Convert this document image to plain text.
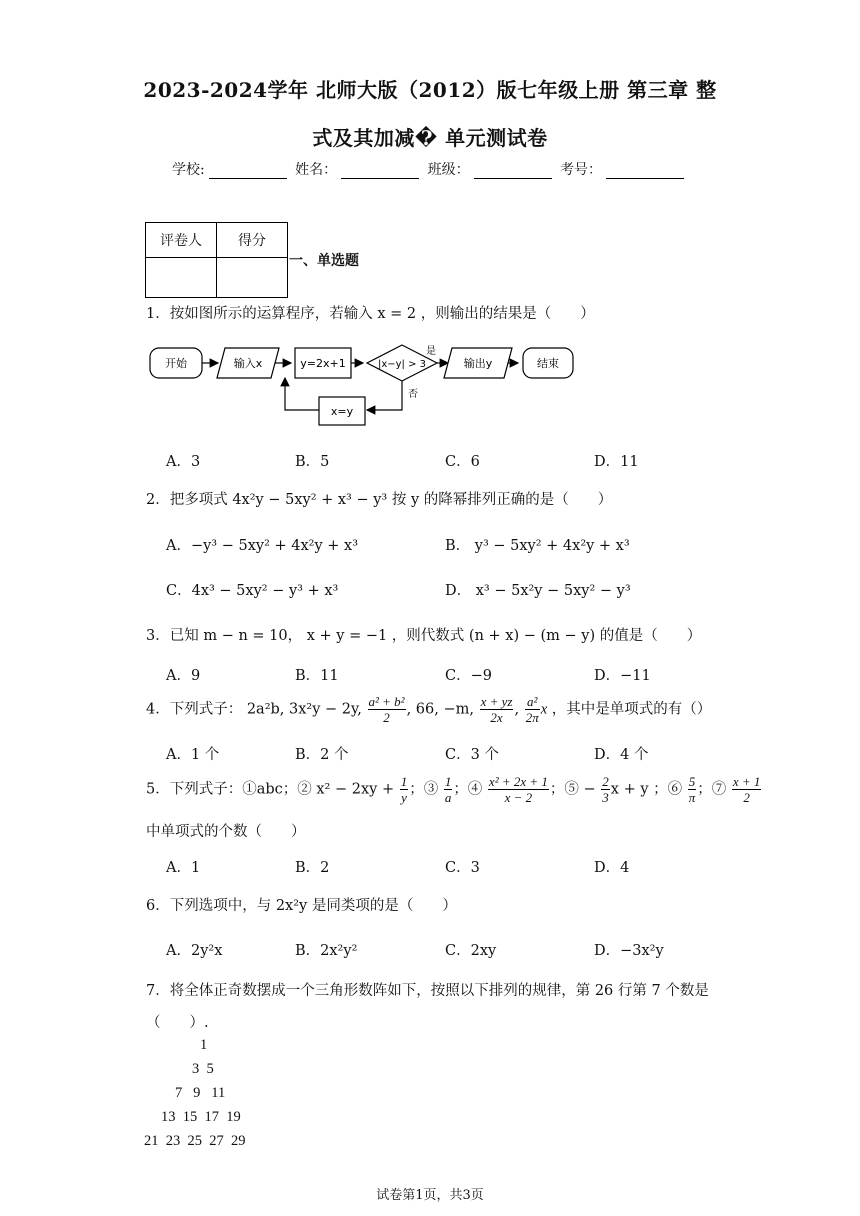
2023-2024学年 北师大版（2012）版七年级上册 第三章 整
式及其加减� 单元测试卷
学校:	姓名：	班级：	考号：
评卷人	得分

一、单选题
1．按如图所示的运算程序，若输入 x = 2 ，则输出的结果是（　　）
开始	输入x	y=2x+1	|x−y| > 3
是
输出y	结束
否
x=y
A．3	B．5	C．6	D．11
2．把多项式 4x²y − 5xy² + x³ − y³ 按 y 的降幂排列正确的是（　　）
A．−y³ − 5xy² + 4x²y + x³	B． y³ − 5xy² + 4x²y + x³
C．4x³ − 5xy² − y³ + x³	D． x³ − 5x²y − 5xy² − y³
3．已知 m − n = 10， x + y = −1 ，则代数式 (n + x) − (m − y) 的值是（　　）
A．9	B．11	C．−9	D．−11
4．下列式子： 2a²b, 3x²y − 2y, $\frac{\text{a² + b²}}{2}$ , 66, −m, $\frac{x + yz}{2x}$ , $\frac{\text{a²}}{2\pi}$ x ，其中是单项式的有（）
A．1 个	B．2 个	C．3 个	D．4 个
5．下列式子：①abc；② $x^2 - 2xy + \frac{1}{y}$ ；③ $\frac{1}{a}$ ；④ $\frac{\text{x² + 2x + 1}}{x - 2}$ ；⑤ − $\frac{2}{3}$ x + y ；⑥ $\frac{5}{\pi}$ ；⑦ $\frac{x + 1}{2}$
中单项式的个数（　　）
A．1	B．2	C．3	D．4
6．下列选项中，与 2x²y 是同类项的是（　　）
A．2y²x	B．2x²y²	C．2xy	D．−3x²y
7．将全体正奇数摆成一个三角形数阵如下，按照以下排列的规律，第 26 行第 7 个数是
（　　）.
1
3  5
7   9   11
13  15  17  19
21  23  25  27  29
试卷第1页，共3页
